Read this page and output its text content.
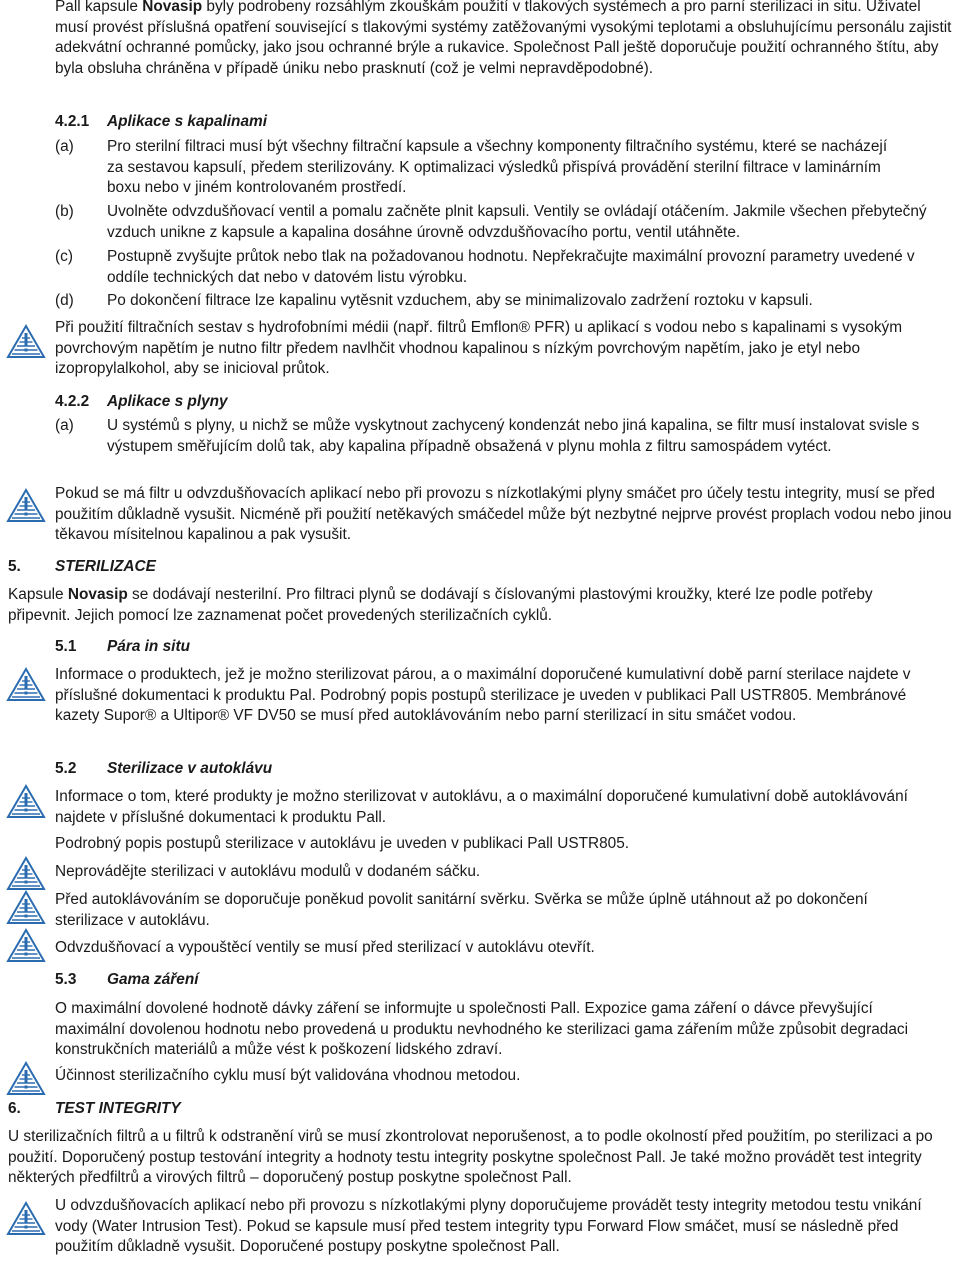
Pall kapsule Novasip byly podrobeny rozsáhlým zkouškám použití v tlakových systémech a pro parní sterilizaci in situ. Uživatel musí provést příslušná opatření související s tlakovými systémy zatěžovanými vysokými teplotami a obsluhujícímu personálu zajistit adekvátní ochranné pomůcky, jako jsou ochranné brýle a rukavice. Společnost Pall ještě doporučuje použití ochranného štítu, aby byla obsluha chráněna v případě úniku nebo prasknutí (což je velmi nepravděpodobné).

4.2.1 Aplikace s kapalinami

(a) Pro sterilní filtraci musí být všechny filtrační kapsule a všechny komponenty filtračního systému, které se nacházejí za sestavou kapsulí, předem sterilizovány. K optimalizaci výsledků přispívá provádění sterilní filtrace v laminárním boxu nebo v jiném kontrolovaném prostředí.

(b) Uvolněte odvzdušňovací ventil a pomalu začněte plnit kapsuli. Ventily se ovládají otáčením. Jakmile všechen přebytečný vzduch unikne z kapsule a kapalina dosáhne úrovně odvzdušňovacího portu, ventil utáhněte.

(c) Postupně zvyšujte průtok nebo tlak na požadovanou hodnotu. Nepřekračujte maximální provozní parametry uvedené v oddíle technických dat nebo v datovém listu výrobku.

(d) Po dokončení filtrace lze kapalinu vytěsnit vzduchem, aby se minimalizovalo zadržení roztoku v kapsuli.

Při použití filtračních sestav s hydrofobními médii (např. filtrů Emflon® PFR) u aplikací s vodou nebo s kapalinami s vysokým povrchovým napětím je nutno filtr předem navlhčit vhodnou kapalinou s nízkým povrchovým napětím, jako je etyl nebo izopropylalkohol, aby se inicioval průtok.

4.2.2 Aplikace s plyny

(a) U systémů s plyny, u nichž se může vyskytnout zachycený kondenzát nebo jiná kapalina, se filtr musí instalovat svisle s výstupem směřujícím dolů tak, aby kapalina případně obsažená v plynu mohla z filtru samospádem vytéct.

Pokud se má filtr u odvzdušňovacích aplikací nebo při provozu s nízkotlakými plyny smáčet pro účely testu integrity, musí se před použitím důkladně vysušit. Nicméně při použití netěkavých smáčedel může být nezbytné nejprve provést proplach vodou nebo jinou těkavou mísitelnou kapalinou a pak vysušit.

5. STERILIZACE

Kapsule Novasip se dodávají nesterilní. Pro filtraci plynů se dodávají s číslovanými plastovými kroužky, které lze podle potřeby připevnit. Jejich pomocí lze zaznamenat počet provedených sterilizačních cyklů.

5.1 Pára in situ

Informace o produktech, jež je možno sterilizovat párou, a o maximální doporučené kumulativní době parní sterilace najdete v příslušné dokumentaci k produktu Pal. Podrobný popis postupů sterilizace je uveden v publikaci Pall USTR805. Membránové kazety Supor® a Ultipor® VF DV50 se musí před autoklávováním nebo parní sterilizací in situ smáčet vodou.

5.2 Sterilizace v autoklávu

Informace o tom, které produkty je možno sterilizovat v autoklávu, a o maximální doporučené kumulativní době autoklávování najdete v příslušné dokumentaci k produktu Pall.

Podrobný popis postupů sterilizace v autoklávu je uveden v publikaci Pall USTR805.

Neprovádějte sterilizaci v autoklávu modulů v dodaném sáčku.

Před autoklávováním se doporučuje poněkud povolit sanitární svěrku. Svěrka se může úplně utáhnout až po dokončení sterilizace v autoklávu.

Odvzdušňovací a vypouštěcí ventily se musí před sterilizací v autoklávu otevřít.

5.3 Gama záření

O maximální dovolené hodnotě dávky záření se informujte u společnosti Pall. Expozice gama záření o dávce převyšující maximální dovolenou hodnotu nebo provedená u produktu nevhodného ke sterilizaci gama zářením může způsobit degradaci konstrukčních materiálů a může vést k poškození lidského zdraví.

Účinnost sterilizačního cyklu musí být validována vhodnou metodou.

6. TEST INTEGRITY

U sterilizačních filtrů a u filtrů k odstranění virů se musí zkontrolovat neporušenost, a to podle okolností před použitím, po sterilizaci a po použití. Doporučený postup testování integrity a hodnoty testu integrity poskytne společnost Pall. Je také možno provádět test integrity některých předfiltrů a virových filtrů – doporučený postup poskytne společnost Pall.

U odvzdušňovacích aplikací nebo při provozu s nízkotlakými plyny doporučujeme provádět testy integrity metodou testu vnikání vody (Water Intrusion Test). Pokud se kapsule musí před testem integrity typu Forward Flow smáčet, musí se následně před použitím důkladně vysušit. Doporučené postupy poskytne společnost Pall.
